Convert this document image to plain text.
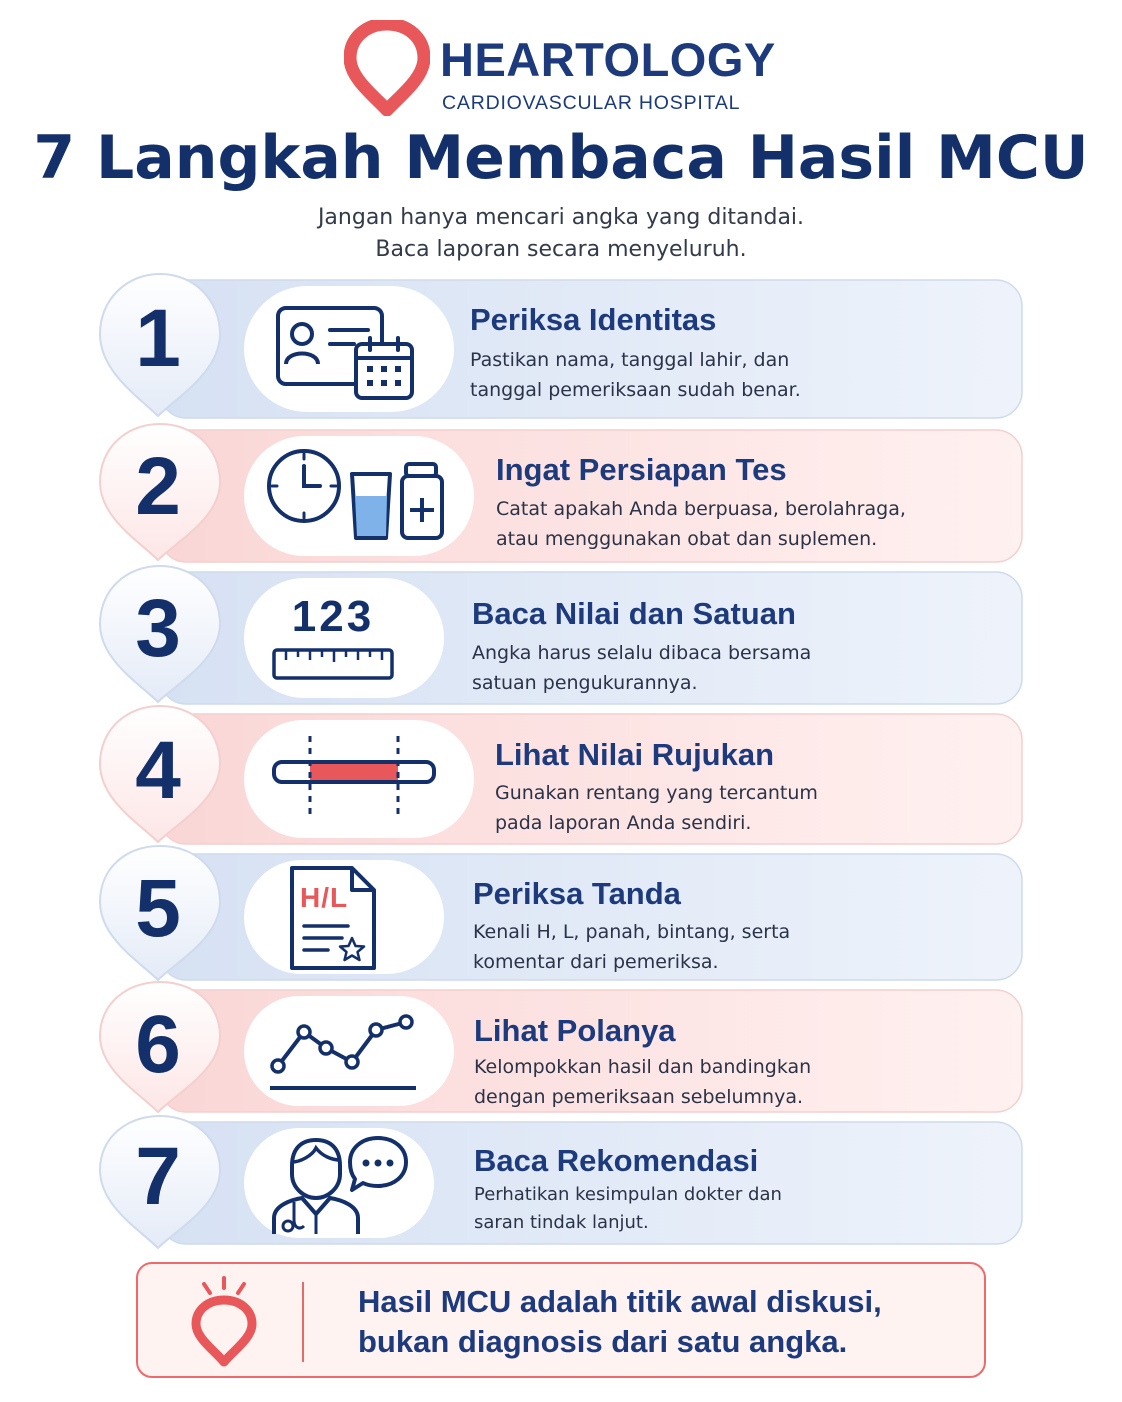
HEARTOLOGY
CARDIOVASCULAR HOSPITAL
7 Langkah Membaca Hasil MCU
Jangan hanya mencari angka yang ditandai.
Baca laporan secara menyeluruh.
1
2
3
4
5
6
7
123
H/L
Periksa Identitas
Pastikan nama, tanggal lahir, dan
tanggal pemeriksaan sudah benar.
Ingat Persiapan Tes
Catat apakah Anda berpuasa, berolahraga,
atau menggunakan obat dan suplemen.
Baca Nilai dan Satuan
Angka harus selalu dibaca bersama
satuan pengukurannya.
Lihat Nilai Rujukan
Gunakan rentang yang tercantum
pada laporan Anda sendiri.
Periksa Tanda
Kenali H, L, panah, bintang, serta
komentar dari pemeriksa.
Lihat Polanya
Kelompokkan hasil dan bandingkan
dengan pemeriksaan sebelumnya.
Baca Rekomendasi
Perhatikan kesimpulan dokter dan
saran tindak lanjut.
Hasil MCU adalah titik awal diskusi,
bukan diagnosis dari satu angka.
